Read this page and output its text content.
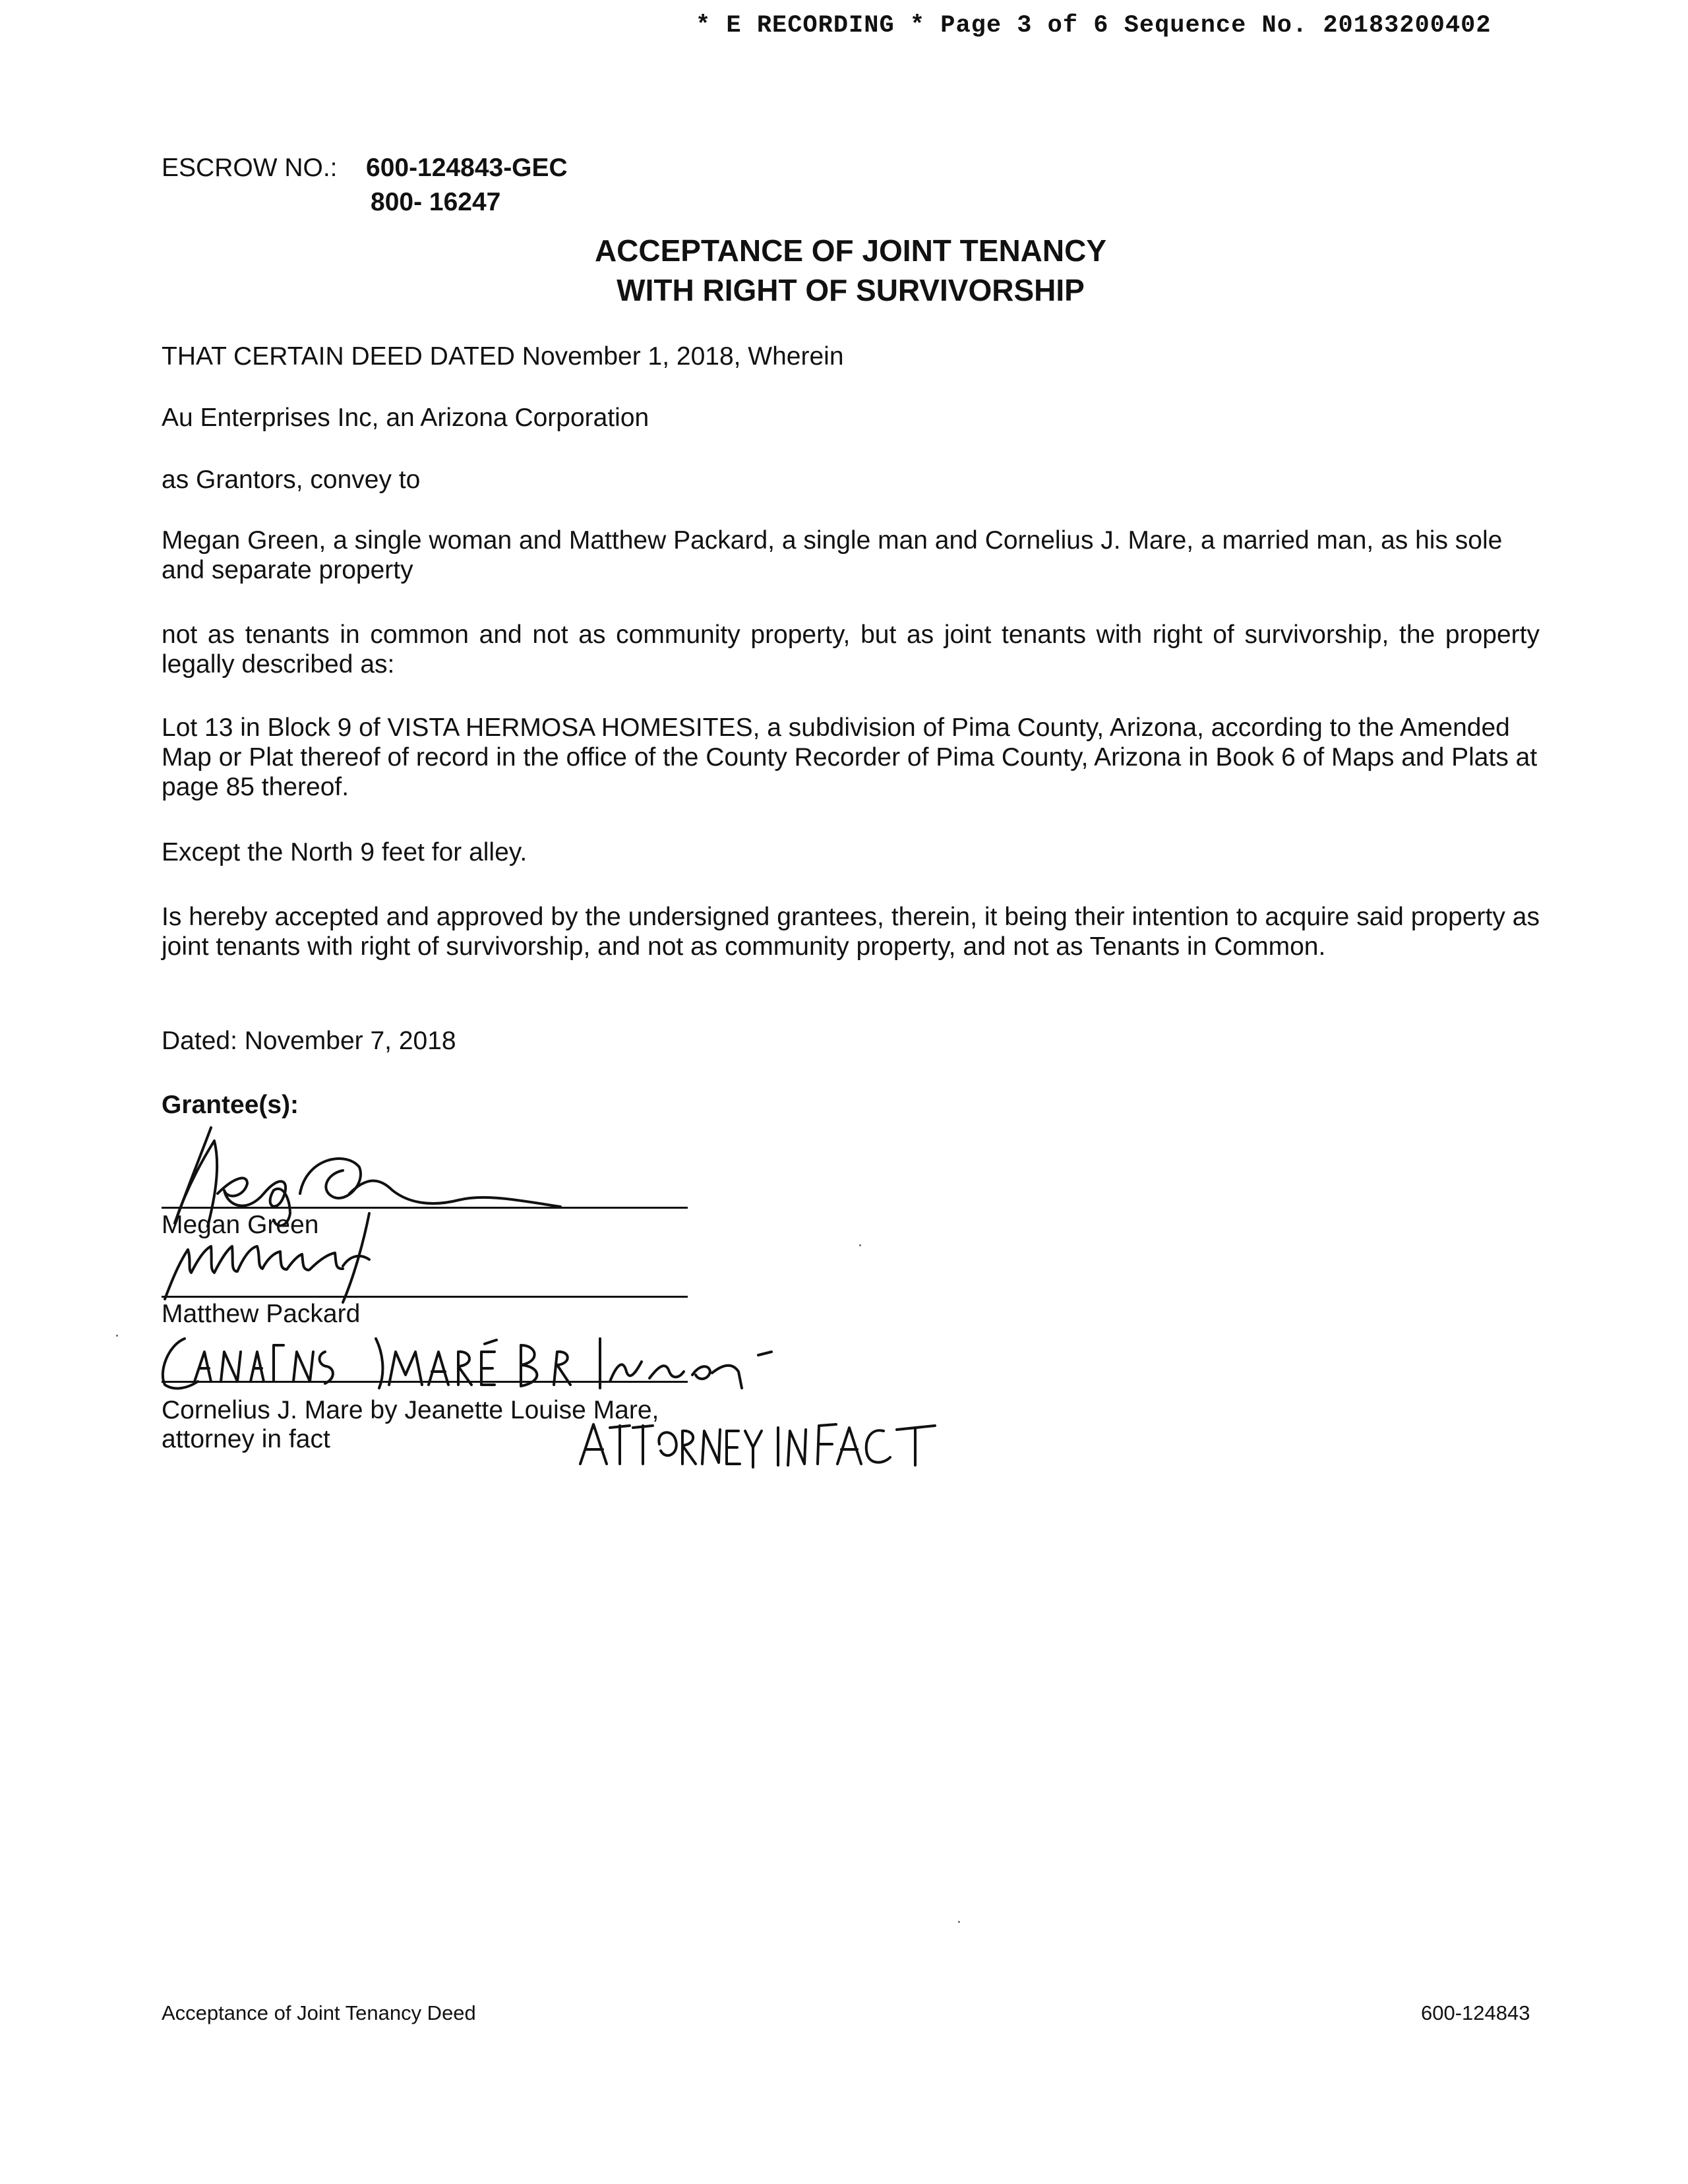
* E RECORDING * Page 3 of 6 Sequence No. 20183200402
ESCROW NO.: 600-124843-GEC
800- 16247
ACCEPTANCE OF JOINT TENANCY
WITH RIGHT OF SURVIVORSHIP
THAT CERTAIN DEED DATED November 1, 2018, Wherein
Au Enterprises Inc, an Arizona Corporation
as Grantors, convey to
Megan Green, a single woman and Matthew Packard, a single man and Cornelius J. Mare, a married man, as his sole and separate property
not as tenants in common and not as community property, but as joint tenants with right of survivorship, the property legally described as:
Lot 13 in Block 9 of VISTA HERMOSA HOMESITES, a subdivision of Pima County, Arizona, according to the Amended Map or Plat thereof of record in the office of the County Recorder of Pima County, Arizona in Book 6 of Maps and Plats at page 85 thereof.
Except the North 9 feet for alley.
Is hereby accepted and approved by the undersigned grantees, therein, it being their intention to acquire said property as joint tenants with right of survivorship, and not as community property, and not as Tenants in Common.
Dated: November 7, 2018
Grantee(s):
Megan Green
Matthew Packard
Cornelius J. Mare by Jeanette Louise Mare,
attorney in fact
Acceptance of Joint Tenancy Deed	600-124843
